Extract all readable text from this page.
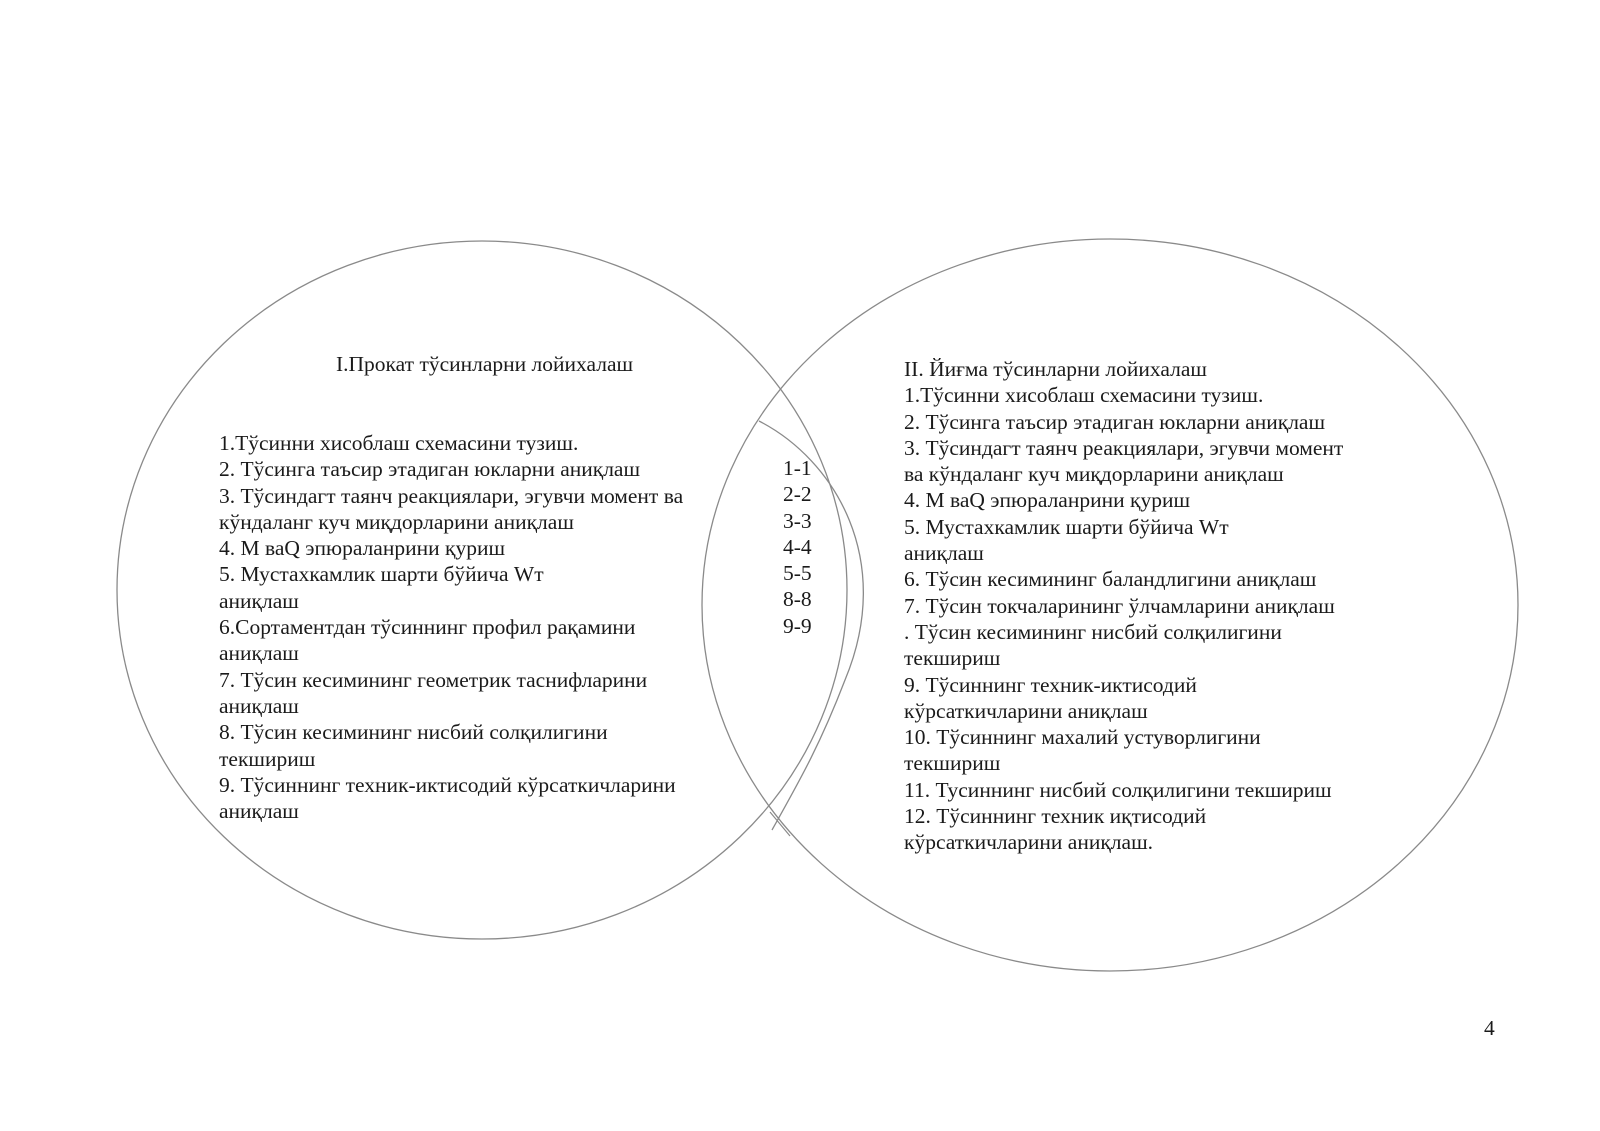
I.Прокат тўсинларни лойихалаш
1.Тўсинни хисоблаш схемасини тузиш.
2. Тўсинга таъсир этадиган юкларни аниқлаш
3. Тўсиндагт таянч реакциялари, эгувчи момент ва
кўндаланг куч миқдорларини аниқлаш
4. М ваQ эпюраланрини қуриш
5. Мустахкамлик шарти бўйича Wт
аниқлаш
6.Сортаментдан тўсиннинг профил рақамини
аниқлаш
7. Тўсин кесимининг геометрик таснифларини
аниқлаш
8. Тўсин кесимининг нисбий солқилигини
текшириш
9. Тўсиннинг техник-иктисодий кўрсаткичларини
аниқлаш
1-1
2-2
3-3
4-4
5-5
8-8
9-9
II. Йиғма тўсинларни лойихалаш
1.Тўсинни хисоблаш схемасини тузиш.
2. Тўсинга таъсир этадиган юкларни аниқлаш
3. Тўсиндагт таянч реакциялари, эгувчи момент
ва кўндаланг куч миқдорларини аниқлаш
4. М ваQ эпюраланрини қуриш
5. Мустахкамлик шарти бўйича Wт
аниқлаш
6. Тўсин кесимининг баландлигини аниқлаш
7. Тўсин токчаларининг ўлчамларини аниқлаш
. Тўсин кесимининг нисбий солқилигини
текшириш
9. Тўсиннинг техник-иктисодий
кўрсаткичларини аниқлаш
10. Тўсиннинг махалий устуворлигини
текшириш
11. Тусиннинг нисбий солқилигини текшириш
12. Тўсиннинг техник иқтисодий
кўрсаткичларини аниқлаш.
4
